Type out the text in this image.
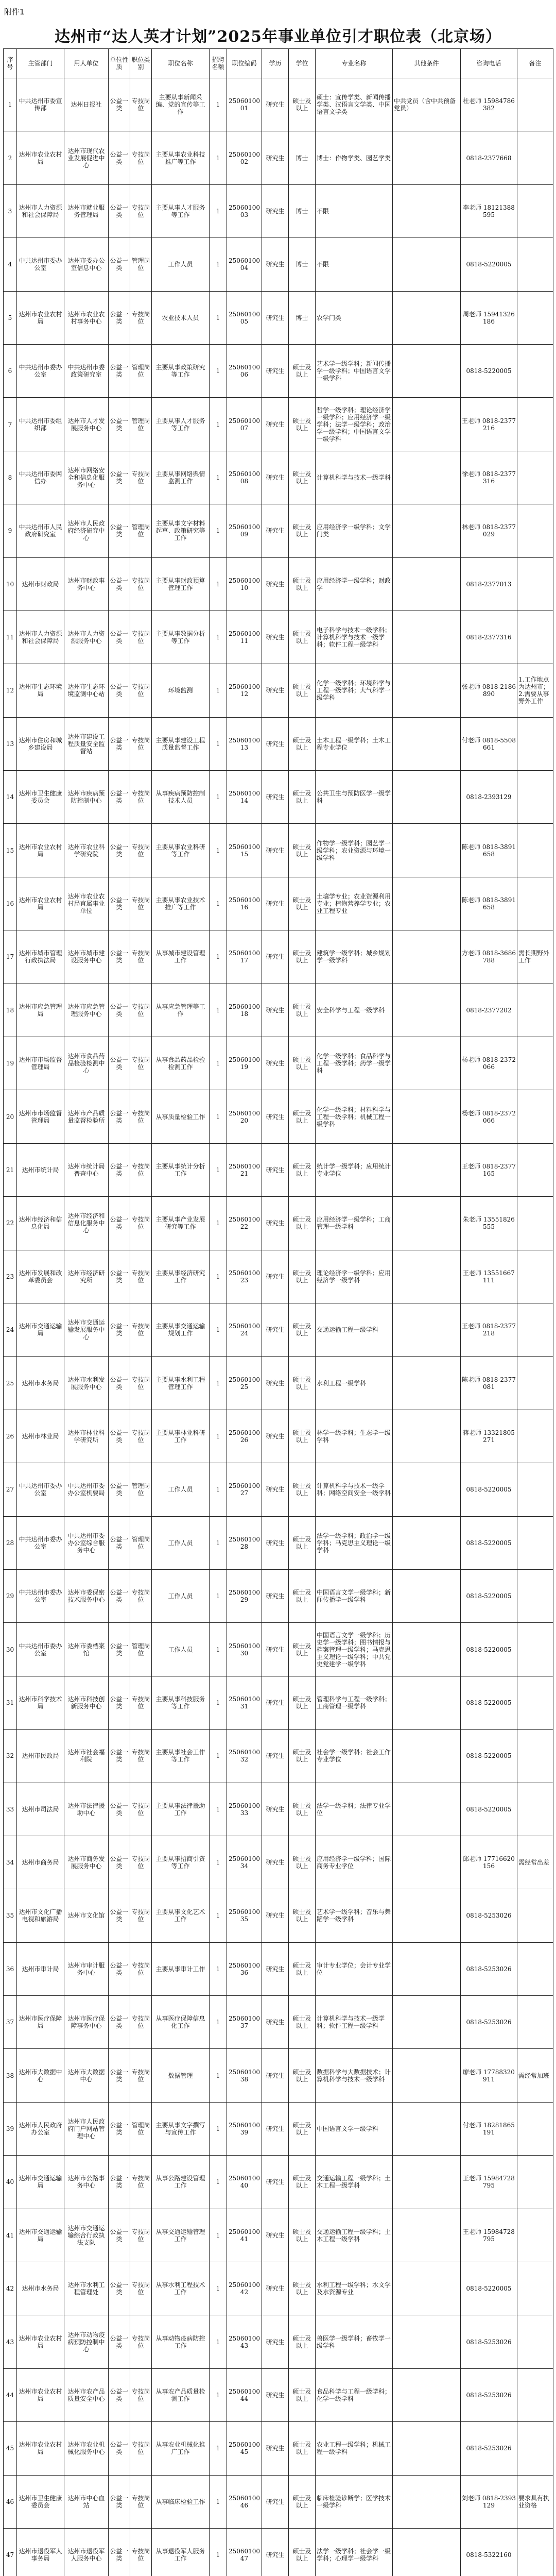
附件1
达州市“达人英才计划”2025年事业单位引才职位表（北京场）
序号	主管部门	用人单位	单位性质	职位类别	职位名称	招聘名额	职位编码	学历	学位	专业名称	其他条件	咨询电话	备注
1	中共达州市委宣传部	达州日报社	公益一类	专技岗位	主要从事新闻采编、党的宣传等工作	1	2506010001	研究生	硕士及以上	硕士：宣传学类、新闻传播学类、汉语言文学类、中国语言文学类	中共党员（含中共预备党员）	杜老师 15984786382	
2	达州市农业农村局	达州市现代农业发展促进中心	公益一类	专技岗位	主要从事农业科技推广等工作	1	2506010002	研究生	博士	博士：作物学类、园艺学类		0818-2377668	
3	达州市人力资源和社会保障局	达州市就业服务管理局	公益一类	专技岗位	主要从事人才服务等工作	1	2506010003	研究生	博士	不限		李老师 18121388595	
4	中共达州市委办公室	达州市委办公室信息中心	公益一类	管理岗位	工作人员	1	2506010004	研究生	博士	不限		0818-5220005	
5	达州市农业农村局	达州市农业农村事务中心	公益一类	专技岗位	农业技术人员	1	2506010005	研究生	博士	农学门类		周老师 15941326186	
6	中共达州市委办公室	中共达州市委政策研究室	公益一类	管理岗位	主要从事政策研究等工作	1	2506010006	研究生	硕士及以上	艺术学一级学科；新闻传播学一级学科；中国语言文学一级学科		0818-5220005	
7	中共达州市委组织部	达州市人才发展服务中心	公益一类	管理岗位	主要从事人才服务等工作	1	2506010007	研究生	硕士及以上	哲学一级学科；理论经济学一级学科；应用经济学一级学科；法学一级学科；政治学一级学科；中国语言文学一级学科		王老师 0818-2377216	
8	中共达州市委网信办	达州市网络安全和信息化服务中心	公益一类	专技岗位	主要从事网络舆情监测工作	1	2506010008	研究生	硕士及以上	计算机科学与技术一级学科		徐老师 0818-2377316	
9	中共达州市人民政府研究室	达州市人民政府经济研究中心	公益一类	管理岗位	主要从事文字材料起草、政策研究等工作	1	2506010009	研究生	硕士及以上	应用经济学一级学科；文学门类		林老师 0818-2377029	
10	达州市财政局	达州市财政事务中心	公益一类	专技岗位	主要从事财政预算管理工作	1	2506010010	研究生	硕士及以上	应用经济学一级学科；财政学		0818-2377013	
11	达州市人力资源和社会保障局	达州市人力资源服务中心	公益一类	专技岗位	主要从事数据分析等工作	1	2506010011	研究生	硕士及以上	电子科学与技术一级学科；计算机科学与技术一级学科；软件工程一级学科		0818-2377316	
12	达州市生态环境局	达州市生态环境监测中心站	公益一类	专技岗位	环境监测	1	2506010012	研究生	硕士及以上	化学一级学科；环境科学与工程一级学科；大气科学一级学科		张老师 0818-2186890	1.工作地点为达州市；2.需要从事野外工作
13	达州市住房和城乡建设局	达州市建设工程质量安全监督站	公益一类	专技岗位	主要从事建设工程质量监督工作	1	2506010013	研究生	硕士及以上	土木工程一级学科；土木工程专业学位		付老师 0818-5508661	
14	达州市卫生健康委员会	达州市疾病预防控制中心	公益一类	专技岗位	从事疾病预防控制技术人员	1	2506010014	研究生	硕士及以上	公共卫生与预防医学一级学科		0818-2393129	
15	达州市农业农村局	达州市农业科学研究院	公益一类	专技岗位	主要从事农业科研等工作	1	2506010015	研究生	硕士及以上	作物学一级学科；园艺学一级学科；农业资源与环境一级学科		陈老师 0818-3891658	
16	达州市农业农村局	达州市农业农村局直属事业单位	公益一类	专技岗位	主要从事农业技术推广等工作	1	2506010016	研究生	硕士及以上	土壤学专业；农业资源利用专业；植物营养学专业；农业工程专业		陈老师 0818-3891658	
17	达州市城市管理行政执法局	达州市城市建设服务中心	公益一类	专技岗位	从事城市建设管理工作	1	2506010017	研究生	硕士及以上	建筑学一级学科；城乡规划学一级学科		方老师 0818-3686788	需长期野外工作
18	达州市应急管理局	达州市应急管理服务中心	公益一类	专技岗位	从事应急管理等工作	1	2506010018	研究生	硕士及以上	安全科学与工程一级学科		0818-2377202	
19	达州市市场监督管理局	达州市食品药品检验检测中心	公益一类	专技岗位	从事食品药品检验检测工作	1	2506010019	研究生	硕士及以上	化学一级学科；食品科学与工程一级学科；药学一级学科		杨老师 0818-2372066	
20	达州市市场监督管理局	达州市产品质量监督检验所	公益一类	专技岗位	从事质量检验工作	1	2506010020	研究生	硕士及以上	化学一级学科；材料科学与工程一级学科；机械工程一级学科		杨老师 0818-2372066	
21	达州市统计局	达州市统计局普查中心	公益一类	专技岗位	主要从事统计分析工作	1	2506010021	研究生	硕士及以上	统计学一级学科；应用统计专业学位		王老师 0818-2377165	
22	达州市经济和信息化局	达州市经济和信息化服务中心	公益一类	专技岗位	主要从事产业发展研究等工作	1	2506010022	研究生	硕士及以上	应用经济学一级学科；工商管理一级学科		朱老师 13551826555	
23	达州市发展和改革委员会	达州市经济研究所	公益一类	专技岗位	主要从事经济研究工作	1	2506010023	研究生	硕士及以上	理论经济学一级学科；应用经济学一级学科		王老师 13551667111	
24	达州市交通运输局	达州市交通运输发展服务中心	公益一类	专技岗位	主要从事交通运输规划工作	1	2506010024	研究生	硕士及以上	交通运输工程一级学科		王老师 0818-2377218	
25	达州市水务局	达州市水利发展服务中心	公益一类	专技岗位	主要从事水利工程管理工作	1	2506010025	研究生	硕士及以上	水利工程一级学科		陈老师 0818-2377081	
26	达州市林业局	达州市林业科学研究所	公益一类	专技岗位	主要从事林业科研工作	1	2506010026	研究生	硕士及以上	林学一级学科；生态学一级学科		蒋老师 13321805271	
27	中共达州市委办公室	中共达州市委办公室机要局	公益一类	管理岗位	工作人员	1	2506010027	研究生	硕士及以上	计算机科学与技术一级学科；网络空间安全一级学科		0818-5220005	
28	中共达州市委办公室	中共达州市委办公室综合服务中心	公益一类	管理岗位	工作人员	1	2506010028	研究生	硕士及以上	法学一级学科；政治学一级学科；马克思主义理论一级学科		0818-5220005	
29	中共达州市委办公室	达州市委保密技术服务中心	公益一类	专技岗位	工作人员	1	2506010029	研究生	硕士及以上	中国语言文学一级学科；新闻传播学一级学科		0818-5220005	
30	中共达州市委办公室	达州市委档案馆	公益一类	管理岗位	工作人员	1	2506010030	研究生	硕士及以上	中国语言文学一级学科；历史学一级学科；图书情报与档案管理一级学科；马克思主义理论一级学科；中共党史党建学一级学科		0818-5220005	
31	达州市科学技术局	达州市科技创新服务中心	公益一类	专技岗位	主要从事科技服务等工作	1	2506010031	研究生	硕士及以上	管理科学与工程一级学科；工商管理一级学科		0818-5220005	
32	达州市民政局	达州市社会福利院	公益一类	专技岗位	主要从事社会工作等工作	1	2506010032	研究生	硕士及以上	社会学一级学科；社会工作专业学位		0818-5220005	
33	达州市司法局	达州市法律援助中心	公益一类	专技岗位	主要从事法律援助工作	1	2506010033	研究生	硕士及以上	法学一级学科；法律专业学位		0818-5220005	
34	达州市商务局	达州市商务发展服务中心	公益一类	专技岗位	主要从事招商引资等工作	1	2506010034	研究生	硕士及以上	应用经济学一级学科；国际商务专业学位		邱老师 17716620156	需经常出差
35	达州市文化广播电视和旅游局	达州市文化馆	公益一类	专技岗位	主要从事文化艺术工作	1	2506010035	研究生	硕士及以上	艺术学一级学科；音乐与舞蹈学一级学科		0818-5253026	
36	达州市审计局	达州市审计服务中心	公益一类	专技岗位	主要从事审计工作	1	2506010036	研究生	硕士及以上	审计专业学位；会计专业学位		0818-5253026	
37	达州市医疗保障局	达州市医疗保障事务中心	公益一类	专技岗位	从事医疗保障信息化工作	1	2506010037	研究生	硕士及以上	计算机科学与技术一级学科；软件工程一级学科		0818-5253026	
38	达州市大数据中心	达州市大数据中心	公益一类	专技岗位	数据管理	1	2506010038	研究生	硕士及以上	数据科学与大数据技术；计算机科学与技术一级学科		廖老师 17788320911	需经常加班
39	达州市人民政府办公室	达州市人民政府门户网站管理中心	公益一类	管理岗位	主要从事文字撰写与宣传工作	1	2506010039	研究生	硕士及以上	中国语言文学一级学科		付老师 18281865191	
40	达州市交通运输局	达州市公路事务中心	公益一类	专技岗位	从事公路建设管理工作	1	2506010040	研究生	硕士及以上	交通运输工程一级学科；土木工程一级学科		王老师 15984728795	
41	达州市交通运输局	达州市交通运输综合行政执法支队	公益一类	专技岗位	从事交通运输管理工作	1	2506010041	研究生	硕士及以上	交通运输工程一级学科；土木工程一级学科		王老师 15984728795	
42	达州市水务局	达州市水利工程管理处	公益一类	专技岗位	从事水利工程技术工作	1	2506010042	研究生	硕士及以上	水利工程一级学科；水文学及水资源专业		0818-5220005	
43	达州市农业农村局	达州市动物疫病预防控制中心	公益一类	专技岗位	从事动物疫病防控工作	1	2506010043	研究生	硕士及以上	兽医学一级学科；畜牧学一级学科		0818-5253026	
44	达州市农业农村局	达州市农产品质量安全中心	公益一类	专技岗位	从事农产品质量检测工作	1	2506010044	研究生	硕士及以上	食品科学与工程一级学科；化学一级学科		0818-5253026	
45	达州市农业农村局	达州市农业机械化服务中心	公益一类	专技岗位	从事农业机械化推广工作	1	2506010045	研究生	硕士及以上	农业工程一级学科；机械工程一级学科		0818-5253026	
46	达州市卫生健康委员会	达州市中心血站	公益一类	专技岗位	从事临床检验工作	1	2506010046	研究生	硕士及以上	临床检验诊断学；医学技术一级学科		刘老师 0818-2393129	要求具有执业资格
47	达州市退役军人事务局	达州市退役军人服务中心	公益一类	专技岗位	从事退役军人服务工作	1	2506010047	研究生	硕士及以上	法学一级学科；社会学一级学科；心理学一级学科		0818-5322160	
